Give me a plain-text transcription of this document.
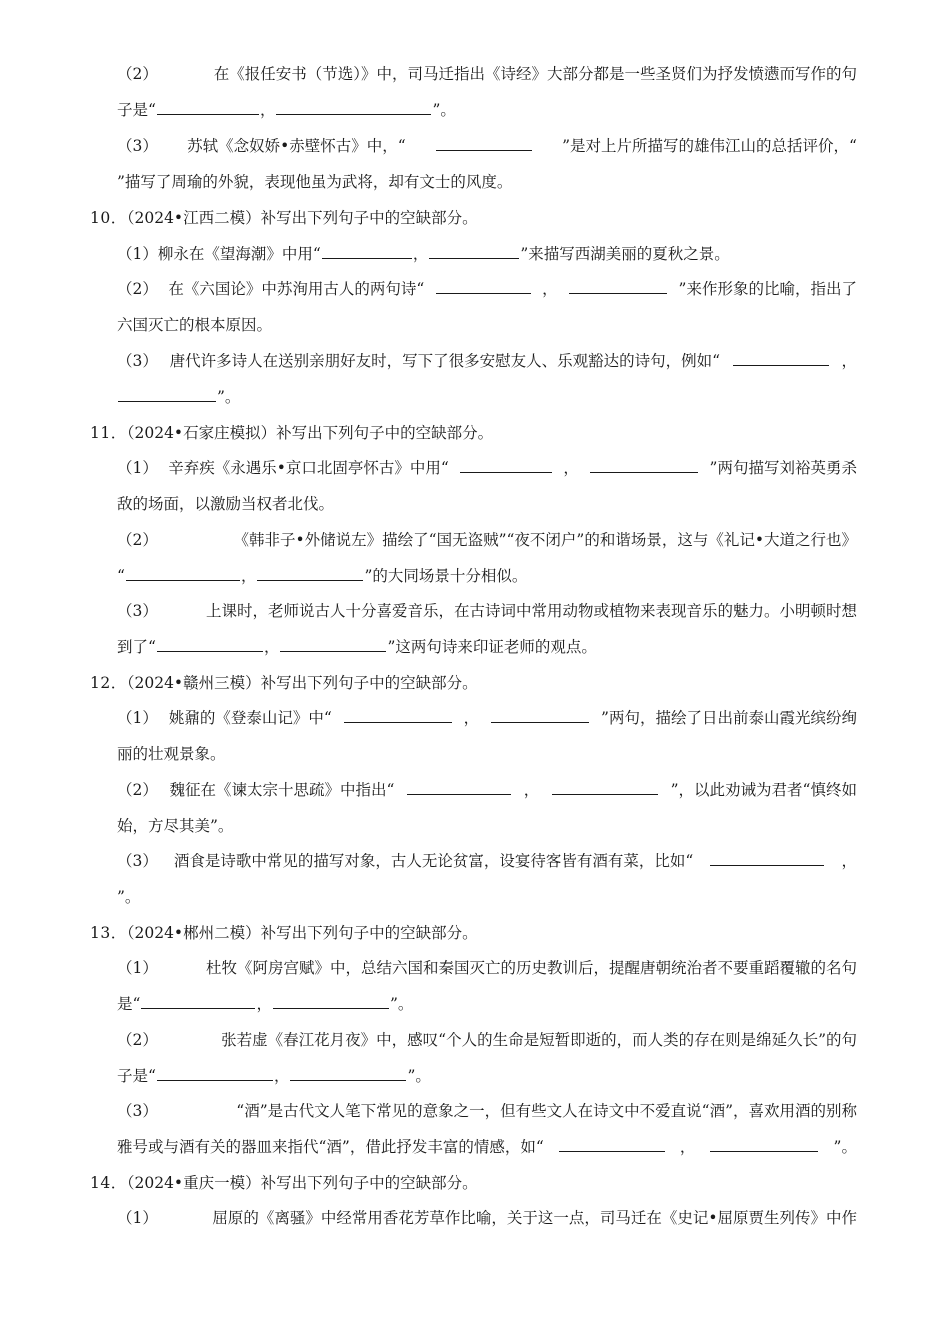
（2）	在《报任安书（节选）》中，司马迁指出《诗经》大部分都是一些圣贤们为抒发愤懑而写作的句
子是“	，	”。
（3） 苏轼《念奴娇•赤壁怀古》中，“	”是对上片所描写的雄伟江山的总括评价，“
”描写了周瑜的外貌，表现他虽为武将，却有文士的风度。
10．（2024•江西二模）补写出下列句子中的空缺部分。
（1）柳永在《望海潮》中用“	，	”来描写西湖美丽的夏秋之景。
（2） 在《六国论》中苏洵用古人的两句诗“	，	”来作形象的比喻，指出了
六国灭亡的根本原因。
（3） 唐代许多诗人在送别亲朋好友时，写下了很多安慰友人、乐观豁达的诗句，例如“	，
”。
11．（2024•石家庄模拟）补写出下列句子中的空缺部分。
（1） 辛弃疾《永遇乐•京口北固亭怀古》中用“	，	”两句描写刘裕英勇杀
敌的场面，以激励当权者北伐。
（2）	《韩非子•外储说左》描绘了“国无盗贼”“夜不闭户”的和谐场景，这与《礼记•大道之行也》
“	，	”的大同场景十分相似。
（3）	上课时，老师说古人十分喜爱音乐，在古诗词中常用动物或植物来表现音乐的魅力。小明顿时想
到了“	，	”这两句诗来印证老师的观点。
12．（2024•赣州三模）补写出下列句子中的空缺部分。
（1） 姚鼐的《登泰山记》中“	，	”两句，描绘了日出前泰山霞光缤纷绚
丽的壮观景象。
（2） 魏征在《谏太宗十思疏》中指出“	，	”，以此劝诫为君者“慎终如
始，方尽其美”。
（3） 酒食是诗歌中常见的描写对象，古人无论贫富，设宴待客皆有酒有菜，比如“	，
”。
13．（2024•郴州二模）补写出下列句子中的空缺部分。
（1）	杜牧《阿房宫赋》中，总结六国和秦国灭亡的历史教训后，提醒唐朝统治者不要重蹈覆辙的名句
是“	，	”。
（2）	张若虚《春江花月夜》中，感叹“个人的生命是短暂即逝的，而人类的存在则是绵延久长”的句
子是“	，	”。
（3）	“酒”是古代文人笔下常见的意象之一，但有些文人在诗文中不爱直说“酒”，喜欢用酒的别称
雅号或与酒有关的器皿来指代“酒”，借此抒发丰富的情感，如“	，	”。
14．（2024•重庆一模）补写出下列句子中的空缺部分。
（1）	屈原的《离骚》中经常用香花芳草作比喻，关于这一点，司马迁在《史记•屈原贾生列传》中作
